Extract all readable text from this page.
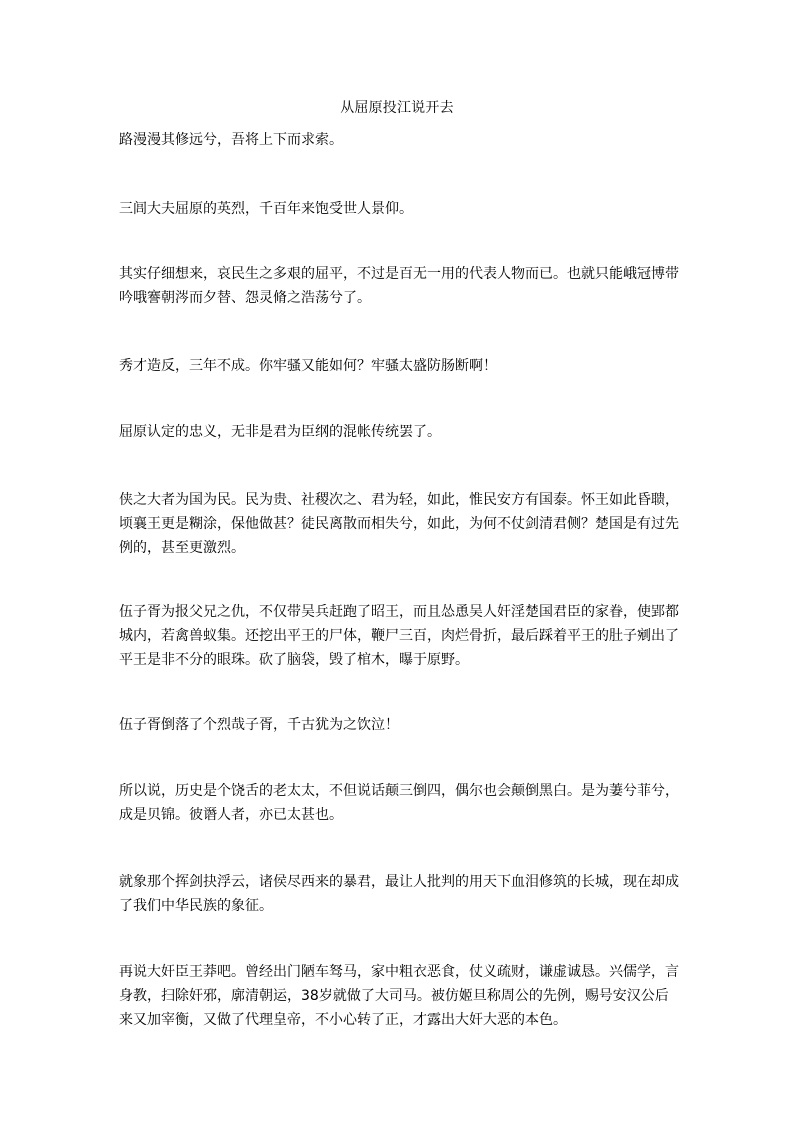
从屈原投江说开去
路漫漫其修远兮，吾将上下而求索。
三闾大夫屈原的英烈，千百年来饱受世人景仰。
其实仔细想来，哀民生之多艰的屈平，不过是百无一用的代表人物而已。也就只能峨冠博带
吟哦謇朝涔而夕替、怨灵脩之浩荡兮了。
秀才造反，三年不成。你牢骚又能如何？牢骚太盛防肠断啊！
屈原认定的忠义，无非是君为臣纲的混帐传统罢了。
侠之大者为国为民。民为贵、社稷次之、君为轻，如此，惟民安方有国泰。怀王如此昏聩，
顷襄王更是糊涂，保他做甚？徒民离散而相失兮，如此，为何不仗剑清君侧？楚国是有过先
例的，甚至更激烈。
伍子胥为报父兄之仇，不仅带吴兵赶跑了昭王，而且怂恿吴人奸淫楚国君臣的家眷，使郢都
城内，若禽兽蚁集。还挖出平王的尸体，鞭尸三百，肉烂骨折，最后踩着平王的肚子剜出了
平王是非不分的眼珠。砍了脑袋，毁了棺木，曝于原野。
伍子胥倒落了个烈哉子胥，千古犹为之饮泣！
所以说，历史是个饶舌的老太太，不但说话颠三倒四，偶尔也会颠倒黑白。是为萋兮菲兮，
成是贝锦。彼谮人者，亦已太甚也。
就象那个挥剑抉浮云，诸侯尽西来的暴君，最让人批判的用天下血泪修筑的长城，现在却成
了我们中华民族的象征。
再说大奸臣王莽吧。曾经出门陋车驽马，家中粗衣恶食，仗义疏财，谦虚诚恳。兴儒学，言
身教，扫除奸邪，廓清朝运，38岁就做了大司马。被仿姬旦称周公的先例，赐号安汉公后
来又加宰衡，又做了代理皇帝，不小心转了正，才露出大奸大恶的本色。
